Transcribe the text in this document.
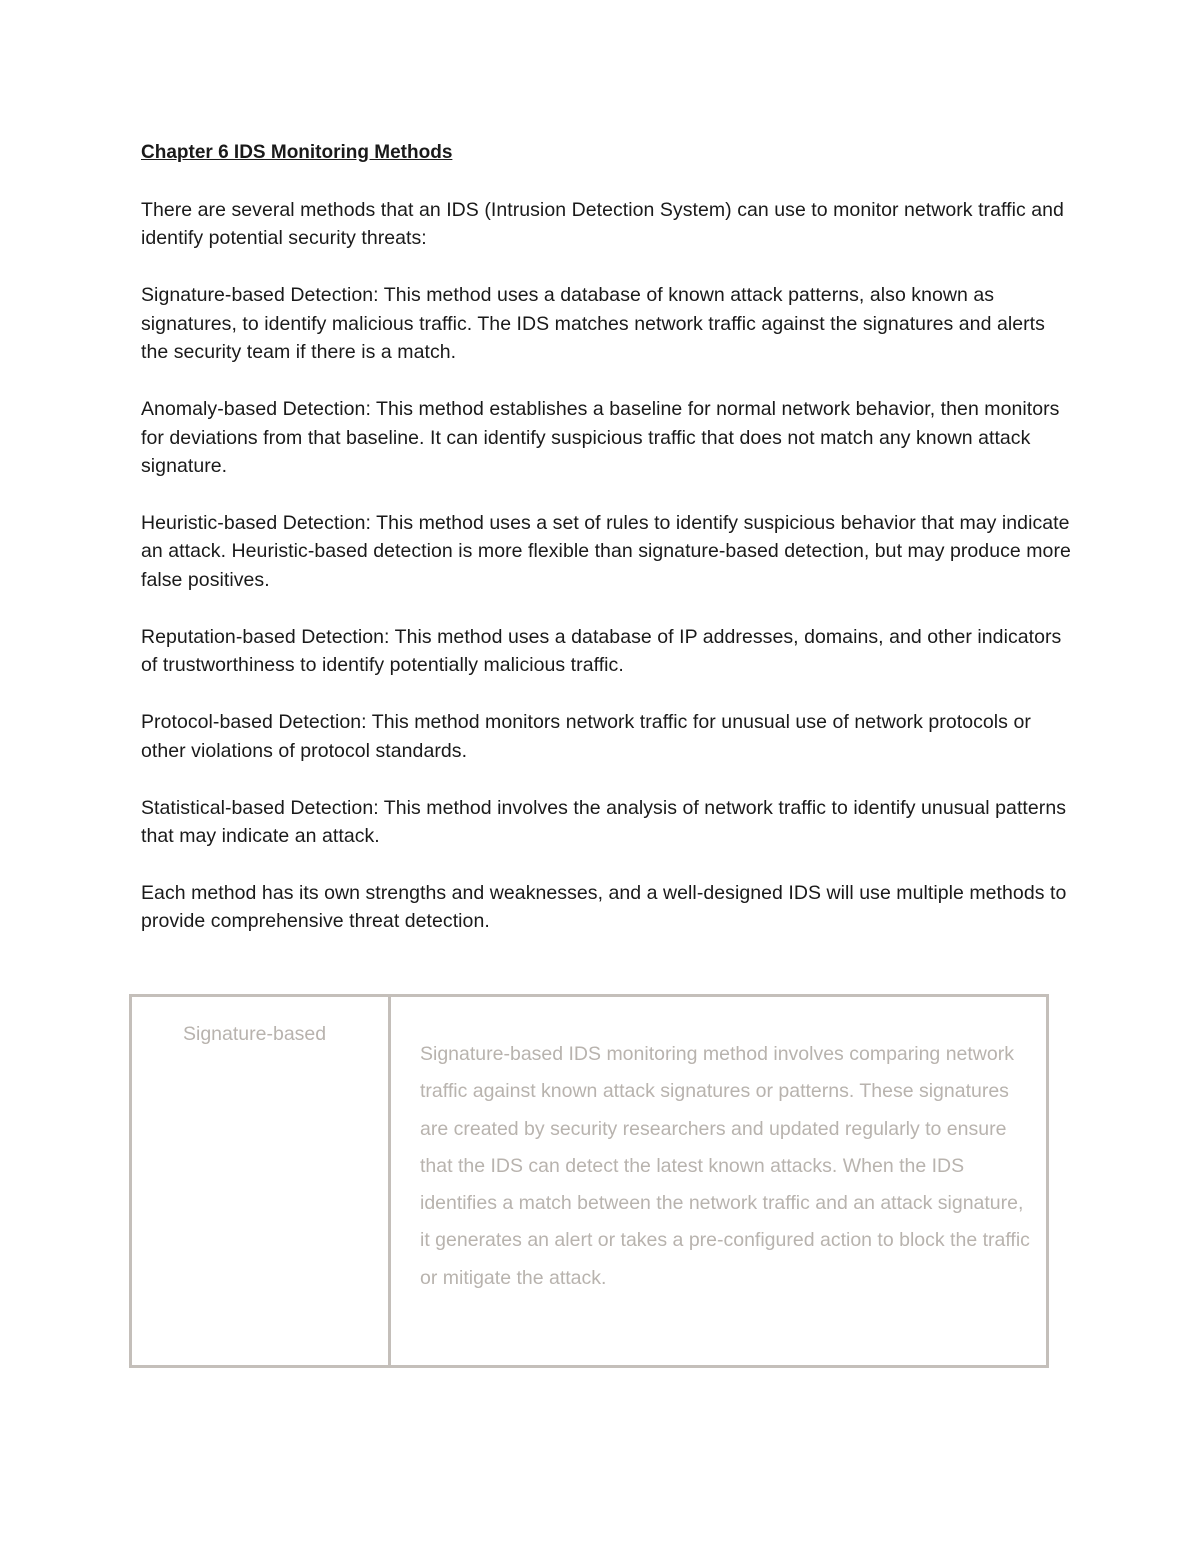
Chapter 6 IDS Monitoring Methods

There are several methods that an IDS (Intrusion Detection System) can use to monitor network traffic and identify potential security threats:

Signature-based Detection: This method uses a database of known attack patterns, also known as signatures, to identify malicious traffic. The IDS matches network traffic against the signatures and alerts the security team if there is a match.

Anomaly-based Detection: This method establishes a baseline for normal network behavior, then monitors for deviations from that baseline. It can identify suspicious traffic that does not match any known attack signature.

Heuristic-based Detection: This method uses a set of rules to identify suspicious behavior that may indicate an attack. Heuristic-based detection is more flexible than signature-based detection, but may produce more false positives.

Reputation-based Detection: This method uses a database of IP addresses, domains, and other indicators of trustworthiness to identify potentially malicious traffic.

Protocol-based Detection: This method monitors network traffic for unusual use of network protocols or other violations of protocol standards.

Statistical-based Detection: This method involves the analysis of network traffic to identify unusual patterns that may indicate an attack.

Each method has its own strengths and weaknesses, and a well-designed IDS will use multiple methods to provide comprehensive threat detection.

Signature-based
Signature-based IDS monitoring method involves comparing network traffic against known attack signatures or patterns. These signatures are created by security researchers and updated regularly to ensure that the IDS can detect the latest known attacks. When the IDS identifies a match between the network traffic and an attack signature, it generates an alert or takes a pre-configured action to block the traffic or mitigate the attack.
